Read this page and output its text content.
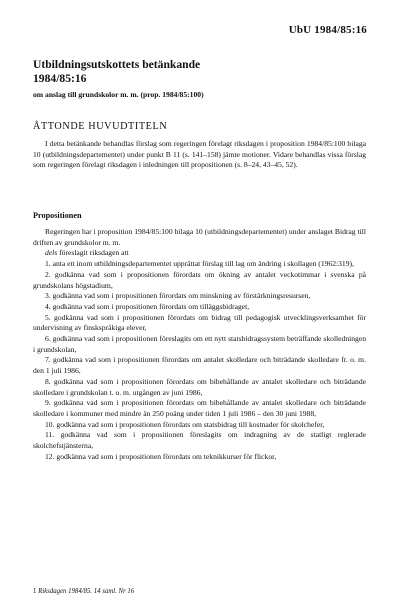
UbU 1984/85:16
Utbildningsutskottets betänkande
1984/85:16
om anslag till grundskolor m. m. (prop. 1984/85:100)
ÅTTONDE HUVUDTITELN
I detta betänkande behandlas förslag som regeringen förelagt riksdagen i proposition 1984/85:100 bilaga 10 (utbildningsdepartementet) under punkt B 11 (s. 141–158) jämte motioner. Vidare behandlas vissa förslag som regeringen förelagt riksdagen i inledningen till propositionen (s. 8–24, 43–45, 52).
Propositionen

Regeringen har i proposition 1984/85:100 bilaga 10 (utbildningsdepartementet) under anslaget Bidrag till driften av grundskolor m. m.

dels föreslagit riksdagen att

1. anta ett inom utbildningsdepartementet upprättat förslag till lag om ändring i skollagen (1962:319),

2. godkänna vad som i propositionen förordats om ökning av antalet veckotimmar i svenska på grundskolans högstadium,

3. godkänna vad som i propositionen förordats om minskning av förstärkningsresursen,

4. godkänna vad som i propositionen förordats om tilläggsbidraget,

5. godkänna vad som i propositionen förordats om bidrag till pedagogisk utvecklingsverksamhet för undervisning av finskspråkiga elever,

6. godkänna vad som i propositionen föreslagits om ett nytt statsbidragssystem beträffande skolledningen i grundskolan,

7. godkänna vad som i propositionen förordats om antalet skolledare och biträdande skolledare fr. o. m. den 1 juli 1986,

8. godkänna vad som i propositionen förordats om bibehållande av antalet skolledare och biträdande skolledare i grundskolan t. o. m. utgången av juni 1986,

9. godkänna vad som i propositionen förordats om bibehållande av antalet skolledare och biträdande skolledare i kommuner med mindre än 250 poäng under tiden 1 juli 1986 – den 30 juni 1988,

10. godkänna vad som i propositionen förordats om statsbidrag till kostnader för skolchefer,

11. godkänna vad som i propositionen föreslagits om indragning av de statligt reglerade skolchefstjänsterna,

12. godkänna vad som i propositionen förordats om teknikkurser för flickor,

1 Riksdagen 1984/85. 14 saml. Nr 16
